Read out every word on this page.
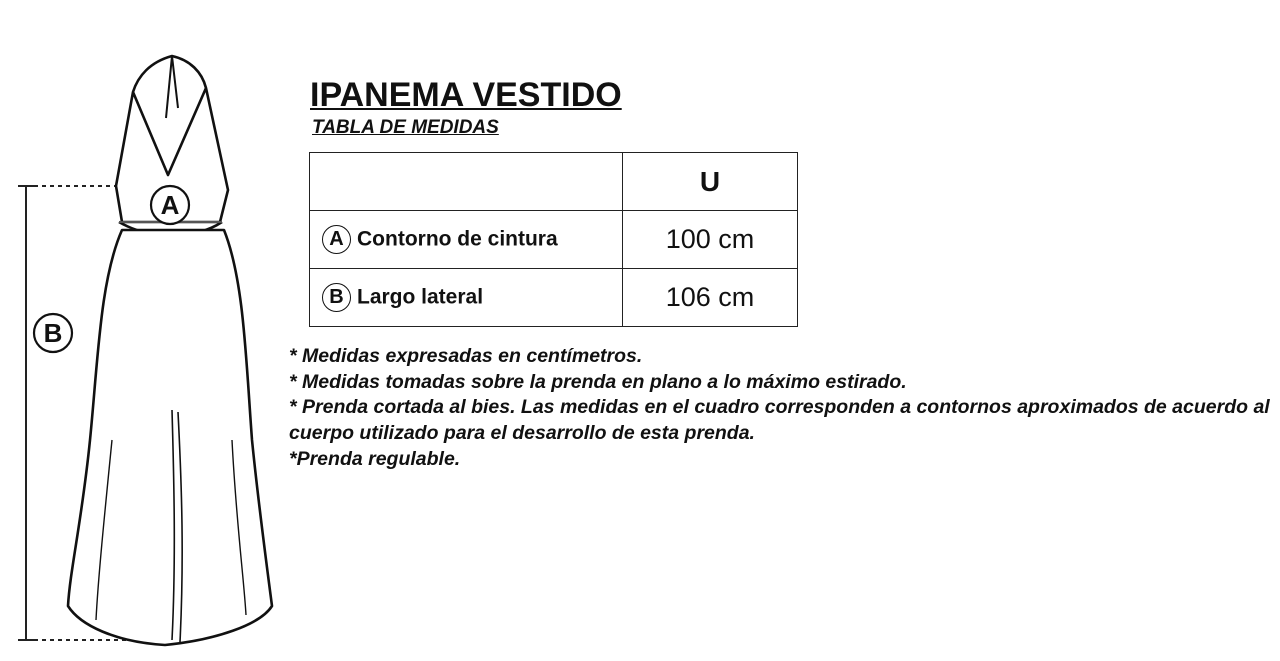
A
B
IPANEMA VESTIDO
TABLA DE MEDIDAS
	U
A Contorno de cintura	100 cm
B Largo lateral	106 cm

* Medidas expresadas en centímetros.

* Medidas tomadas sobre la prenda en plano a lo máximo estirado.

* Prenda cortada al bies. Las medidas en el cuadro corresponden a contornos aproximados de acuerdo al cuerpo utilizado para el desarrollo de esta prenda.

*Prenda regulable.
